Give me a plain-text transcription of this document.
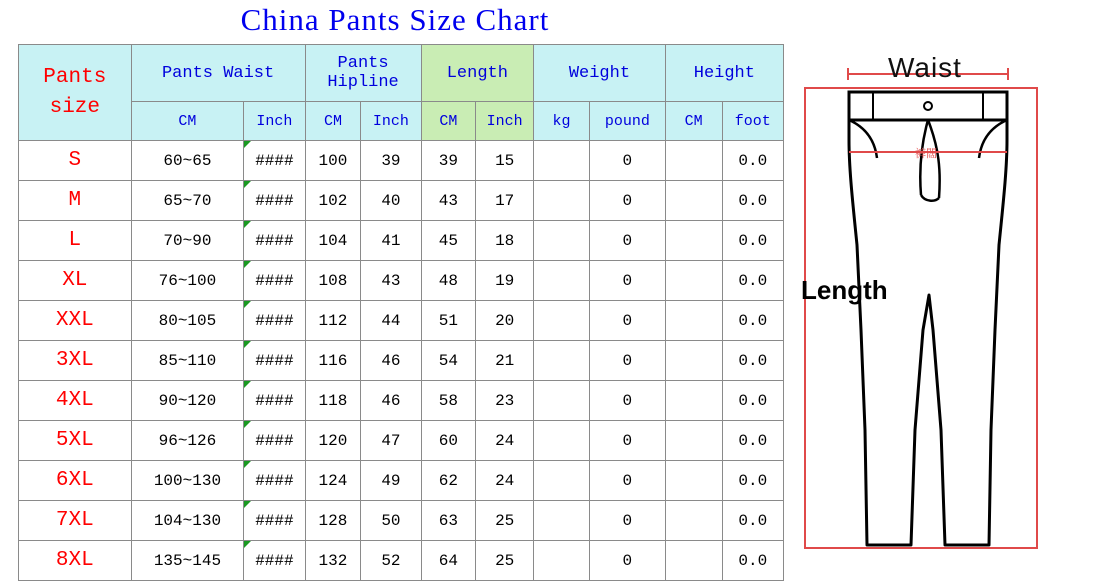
China Pants Size Chart
Pants
size	Pants Waist		Pants Hipline		Length		Weight		Height	
	CM	Inch	CM	Inch	CM	Inch	kg	pound	CM	foot
S	60~65	####	100	39	39	15		0		0.0
M	65~70	####	102	40	43	17		0		0.0
L	70~90	####	104	41	45	18		0		0.0
XL	76~100	####	108	43	48	19		0		0.0
XXL	80~105	####	112	44	51	20		0		0.0
3XL	85~110	####	116	46	54	21		0		0.0
4XL	90~120	####	118	46	58	23		0		0.0
5XL	96~126	####	120	47	60	24		0		0.0
6XL	100~130	####	124	49	62	24		0		0.0
7XL	104~130	####	128	50	63	25		0		0.0
8XL	135~145	####	132	52	64	25		0		0.0
Waist
Length
裤闊
